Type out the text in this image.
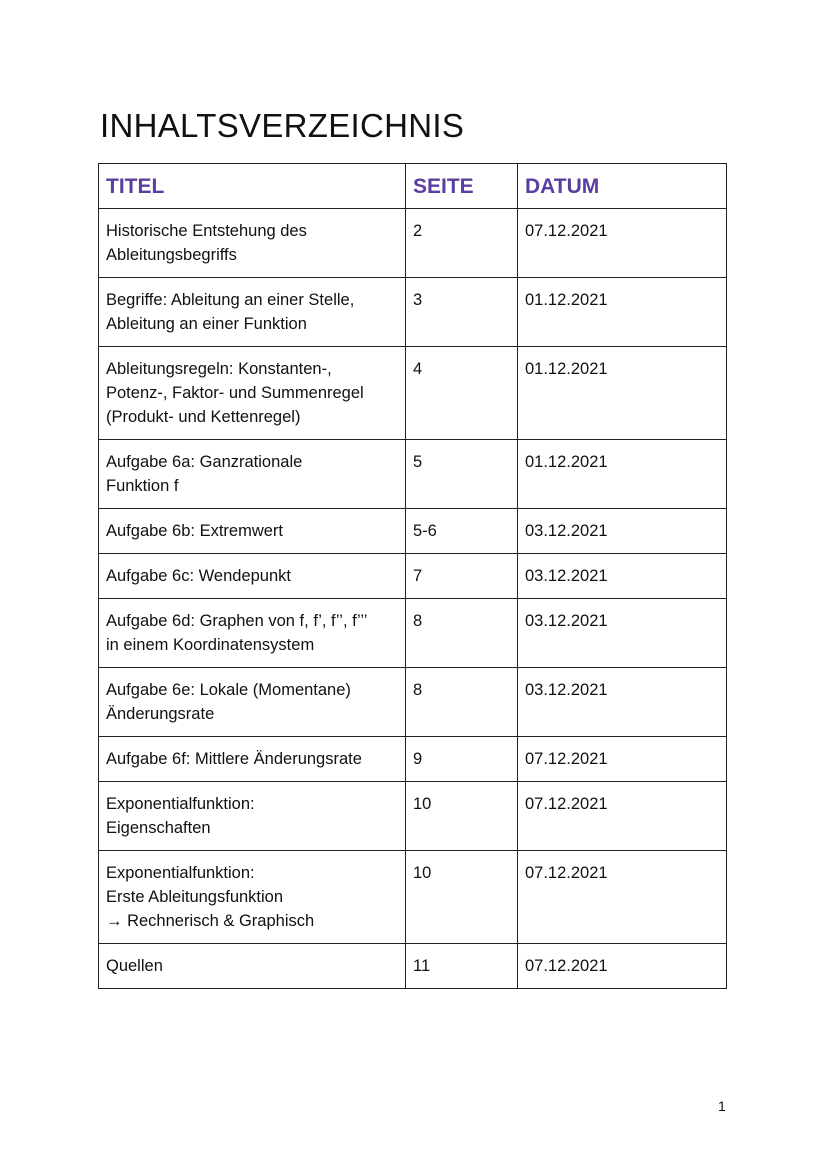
INHALTSVERZEICHNIS
TITEL	SEITE	DATUM
Historische Entstehung des
Ableitungsbegriffs	2	07.12.2021
Begriffe: Ableitung an einer Stelle,
Ableitung an einer Funktion	3	01.12.2021
Ableitungsregeln: Konstanten-,
Potenz-, Faktor- und Summenregel
(Produkt- und Kettenregel)	4	01.12.2021
Aufgabe 6a: Ganzrationale
Funktion f	5	01.12.2021
Aufgabe 6b: Extremwert	5-6	03.12.2021
Aufgabe 6c: Wendepunkt	7	03.12.2021
Aufgabe 6d: Graphen von f, f’, f’’, f’’’
in einem Koordinatensystem	8	03.12.2021
Aufgabe 6e: Lokale (Momentane)
Änderungsrate	8	03.12.2021
Aufgabe 6f: Mittlere Änderungsrate	9	07.12.2021
Exponentialfunktion:
Eigenschaften	10	07.12.2021
Exponentialfunktion:
Erste Ableitungsfunktion
→ Rechnerisch & Graphisch	10	07.12.2021
Quellen	11	07.12.2021
1
